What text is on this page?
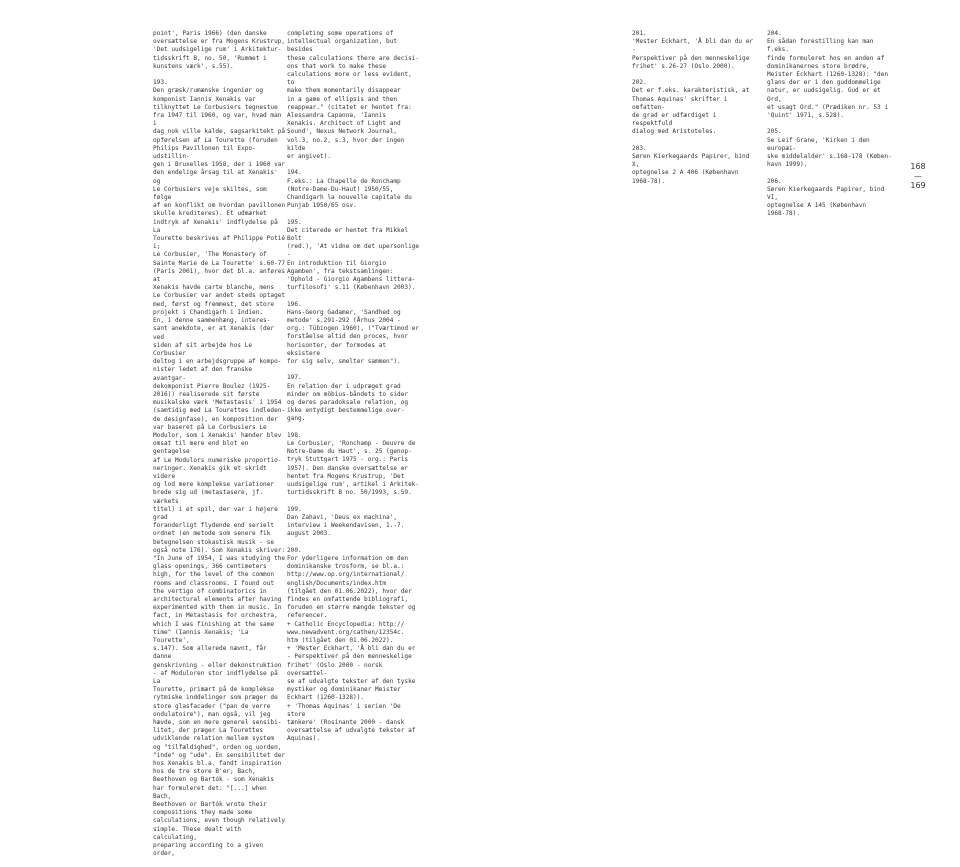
point', Paris 1966) (den danske
oversættelse er fra Mogens Krustrup,
'Det uudsigelige rum' i Arkitektur-
tidsskrift B, no. 50, 'Rummet i
kunstens værk', s.55).

193.
Den græsk/rumænske ingeniør og
komponist Iannis Xenakis var
tilknyttet Le Corbusiers tegnestue
fra 1947 til 1960, og var, hvad man i
dag nok ville kalde, sagsarkitekt på
opførelsen af La Tourette (foruden
Philips Pavillonen til Expo-udstillin-
gen i Bruxelles 1958, der i 1960 var
den endelige årsag til at Xenakis' og
Le Corbusiers veje skiltes, som følge
af en konflikt om hvordan pavillonen
skulle krediteres). Et udmærket
indtryk af Xenakis' indflydelse på La
Tourette beskrives af Philippe Potié i;
Le Corbusier, 'The Monastery of
Sainte Marie de La Tourette' s.60-77
(Paris 2001), hvor det bl.a. anføres at
Xenakis havde carte blanche, mens
Le Corbusier var andet steds optaget
med, først og fremmest, det store
projekt i Chandigarh i Indien.
En, i denne sammenhæng, interes-
sant anekdote, er at Xenakis (der ved
siden af sit arbejde hos Le Corbusier
deltog i en arbejdsgruppe af kompo-
nister ledet af den franske avantgar-
dekomponist Pierre Boulez (1925-
2016)) realiserede sit første
musikalske værk 'Metastasis' i 1954
(samtidig med La Tourettes indleden-
de designfase), en komposition der
var baseret på Le Corbusiers Le
Modulor, som i Xenakis' hænder blev
omsat til mere end blot en gentagelse
af Le Modulors numeriske proportio-
neringer. Xenakis gik et skridt videre
og lod mere komplekse variationer
brede sig ud (metastasere, jf. værkets
titel) i et spil, der var i højere grad
foranderligt flydende end serielt
ordnet (en metode som senere fik
betegnelsen stokastisk musik - se
også note 176). Som Xenakis skriver:
"In June of 1954, I was studying the
glass openings, 366 centimeters
high, for the level of the common
rooms and classrooms. I found out
the vertigo of combinatorics in
architectural elements after having
experimented with them in music. In
fact, in Metastasis for orchestra,
which I was finishing at the same
time" (Iannis Xenakis; 'La Tourette',
s.147). Som allerede nævnt, får danne
genskrivning - eller dekonstruktion
- af Modulоren stor indflydelse på La
Tourette, primært på de komplekse
rytmiske inddelinger som præger de
store glasfacader ("pan de verre
ondulatoire"), man også, vil jeg
hævde, som en mere generel sensibi-
litet, der præger La Tourettes
udviklende relation mellem system
og "tilfældighed", orden og uorden,
"inde" og "ude". En sensibilitet der
hos Xenakis bl.a. fandt inspiration
hos de tre store B'er; Bach,
Beethoven og Bartók - som Xenakis
har formuleret det: "[...] when Bach,
Beethoven or Bartók wrote their
compositions they made some
calculations, even though relatively
simple. These dealt with calculating,
preparing according to a given order,

completing some operations of
intellectual organization, but besides
these calculations there are decisi-
ons that work to make these
calculations more or less evident, to
make them momentarily disappear
in a game of ellipsis and then
reappear." (citatet er hentet fra:
Alessandra Capanna, 'Iannis
Xenakis. Architect of Light and
Sound', Nexus Network Journal,
vol.3, no.2, s.3, hvor der ingen kilde
er angivet).

194.
F.eks.: La Chapelle de Ronchamp
(Notre-Dame-Du-Haut) 1950/55,
Chandigarh la nouvelle capitale du
Punjab 1950/65 osv.

195.
Det citerede er hentet fra Mikkel Bolt
(red.), 'At vidne om det upersonlige -
En introduktion til Giorgio
Agamben', fra tekstsamlingen:
'Ophold - Giorgio Agambens littera-
turfilosofi' s.11 (København 2003).

196.
Hans-Georg Gadamer, 'Sandhed og
metode' s.291-292 (Århus 2004 -
org.: Tübingen 1960), ("Tværtimod er
forståelse altid den proces, hvor
horisonter, der formodes at eksistere
for sig selv, smelter sammen").

197.
En relation der i udpræget grad
minder om möbius-båndets to sider
og deres paradoksale relation, og
ikke entydigt bestemmelige over-
gang.

198.
Le Corbusier, 'Ronchamp - Oeuvre de
Notre-Dame du Haut', s. 25 (genop-
tryk Stuttgart 1975 - org.: Paris
1957). Den danske oversættelse er
hentet fra Mogens Krustrup, 'Det
uudsigelige rum', artikel i Arkitek-
turtidsskrift B no. 50/1993, s.59.

199.
Dan Zahavi, 'Deus ex machina',
interview i Weekendavisen, 1.-7.
august 2003.

200.
For yderligere information om den
dominikanske trosform, se bl.a.:
http://www.op.org/international/
english/Documents/index.htm
(tilgået den 01.06.2022), hvor der
findes en omfattende bibliografi,
foruden en større mængde tekster og
referencer.
+ Catholic Encyclopedia: http://
www.newadvent.org/cathen/12354c.
htm (tilgået den 01.06.2022).
+ 'Mester Eckhart, 'Å bli dan du er
- Perspektiver på den menneskelige
frihet' (Oslo 2000 - norsk oversættel-
se af udvalgte tekster af den tyske
mystiker og dominikaner Meister
Eckhart (1260-1328)).
+ 'Thomas Aquinas' i serien 'De store
tænkere' (Rosinante 2000 - dansk
oversættelse af udvalgte tekster af
Aquinas).

201.
'Mester Eckhart, 'Å bli dan du er -
Perspektiver på den menneskelige
frihet' s.26-27 (Oslo 2000).

202.
Det er f.eks. karakteristisk, at
Thomas Aquinas' skrifter i omfatten-
de grad er udfærdiget i respektfuld
dialog med Aristoteles.

203.
Søren Kierkegaards Papirer, bind X,
optegnelse 2 A 406 (København
1968-78).

204.
En sådan forestilling kan man f.eks.
finde formuleret hos en anden af
dominikanernes store brødre,
Meister Eckhart (1260-1328): "den
glans der er i den guddommelige
natur, er uudsigelig. Gud er et Ord,
et usagt Ord." (Prædiken nr. 53 i
'Quint' 1971, s.528).

205.
Se Leif Grane, 'Kirken i den europæi-
ske middelalder' s.168-178 (Køben-
havn 1999).

206.
Søren Kierkegaards Papirer, bind VI,
optegnelse A 145 (København
1968-78).

168
—
169
